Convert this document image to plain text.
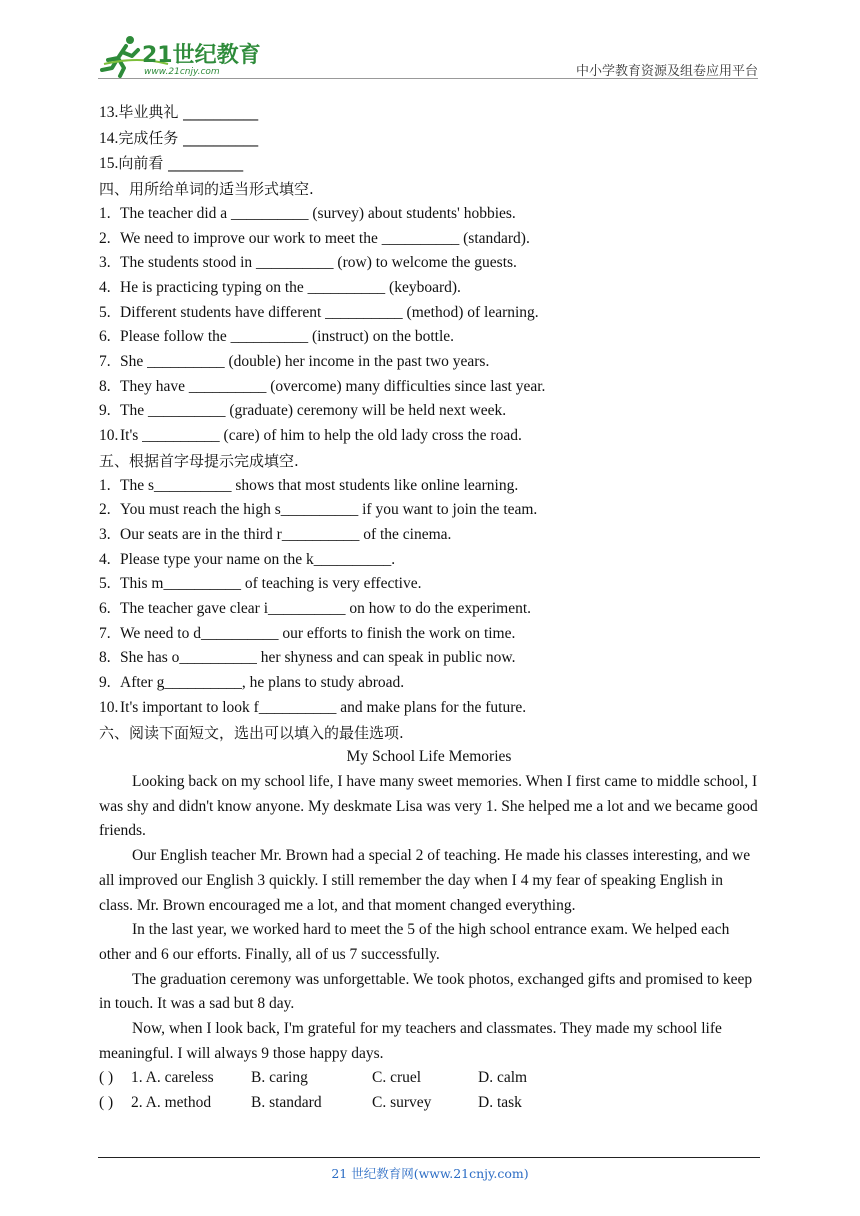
21世纪教育
www.21cnjy.com	中小学教育资源及组卷应用平台
13.毕业典礼 __________
14.完成任务 __________
15.向前看 __________
四、用所给单词的适当形式填空.
1. The teacher did a __________ (survey) about students' hobbies.
2. We need to improve our work to meet the __________ (standard).
3. The students stood in __________ (row) to welcome the guests.
4. He is practicing typing on the __________ (keyboard).
5. Different students have different __________ (method) of learning.
6. Please follow the __________ (instruct) on the bottle.
7. She __________ (double) her income in the past two years.
8. They have __________ (overcome) many difficulties since last year.
9. The __________ (graduate) ceremony will be held next week.
10. It's __________ (care) of him to help the old lady cross the road.
五、根据首字母提示完成填空.
1. The s__________ shows that most students like online learning.
2. You must reach the high s__________ if you want to join the team.
3. Our seats are in the third r__________ of the cinema.
4. Please type your name on the k__________.
5. This m__________ of teaching is very effective.
6. The teacher gave clear i__________ on how to do the experiment.
7. We need to d__________ our efforts to finish the work on time.
8. She has o__________ her shyness and can speak in public now.
9. After g__________, he plans to study abroad.
10. It's important to look f__________ and make plans for the future.
六、阅读下面短文，选出可以填入的最佳选项.
My School Life Memories

Looking back on my school life, I have many sweet memories. When I first came to middle school, I was shy and didn't know anyone. My deskmate Lisa was very 1. She helped me a lot and we became good friends.

Our English teacher Mr. Brown had a special 2 of teaching. He made his classes interesting, and we all improved our English 3 quickly. I still remember the day when I 4 my fear of speaking English in class. Mr. Brown encouraged me a lot, and that moment changed everything.

In the last year, we worked hard to meet the 5 of the high school entrance exam. We helped each other and 6 our efforts. Finally, all of us 7 successfully.

The graduation ceremony was unforgettable. We took photos, exchanged gifts and promised to keep in touch. It was a sad but 8 day.

Now, when I look back, I'm grateful for my teachers and classmates. They made my school life meaningful. I will always 9 those happy days.

( ) 1. A. careless B. caring	C. cruel	D. calm
( ) 2. A. method	B. standard	C. survey	D. task
21 世纪教育网(www.21cnjy.com)
